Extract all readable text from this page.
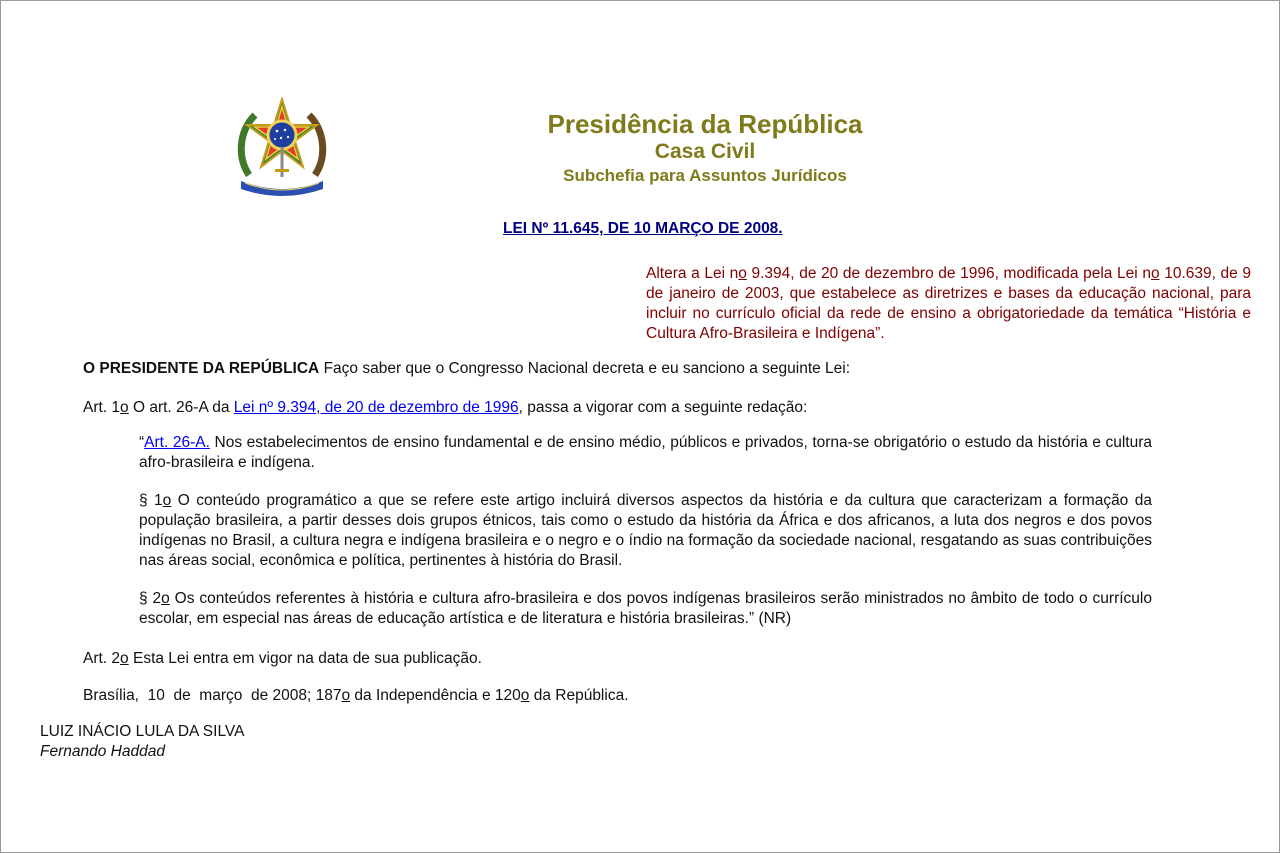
Presidência da República
Casa Civil
Subchefia para Assuntos Jurídicos
LEI Nº 11.645, DE 10 MARÇO DE 2008.
Altera a Lei no 9.394, de 20 de dezembro de 1996, modificada pela Lei no 10.639, de 9 de janeiro de 2003, que estabelece as diretrizes e bases da educação nacional, para incluir no currículo oficial da rede de ensino a obrigatoriedade da temática “História e Cultura Afro-Brasileira e Indígena”.
O PRESIDENTE DA REPÚBLICA Faço saber que o Congresso Nacional decreta e eu sanciono a seguinte Lei:
Art. 1o O art. 26-A da Lei nº 9.394, de 20 de dezembro de 1996, passa a vigorar com a seguinte redação:
“Art. 26-A. Nos estabelecimentos de ensino fundamental e de ensino médio, públicos e privados, torna-se obrigatório o estudo da história e cultura afro-brasileira e indígena.
§ 1o O conteúdo programático a que se refere este artigo incluirá diversos aspectos da história e da cultura que caracterizam a formação da população brasileira, a partir desses dois grupos étnicos, tais como o estudo da história da África e dos africanos, a luta dos negros e dos povos indígenas no Brasil, a cultura negra e indígena brasileira e o negro e o índio na formação da sociedade nacional, resgatando as suas contribuições nas áreas social, econômica e política, pertinentes à história do Brasil.
§ 2o Os conteúdos referentes à história e cultura afro-brasileira e dos povos indígenas brasileiros serão ministrados no âmbito de todo o currículo escolar, em especial nas áreas de educação artística e de literatura e história brasileiras.” (NR)
Art. 2o Esta Lei entra em vigor na data de sua publicação.
Brasília,  10  de  março  de 2008; 187o da Independência e 120o da República.
LUIZ INÁCIO LULA DA SILVA
Fernando Haddad
